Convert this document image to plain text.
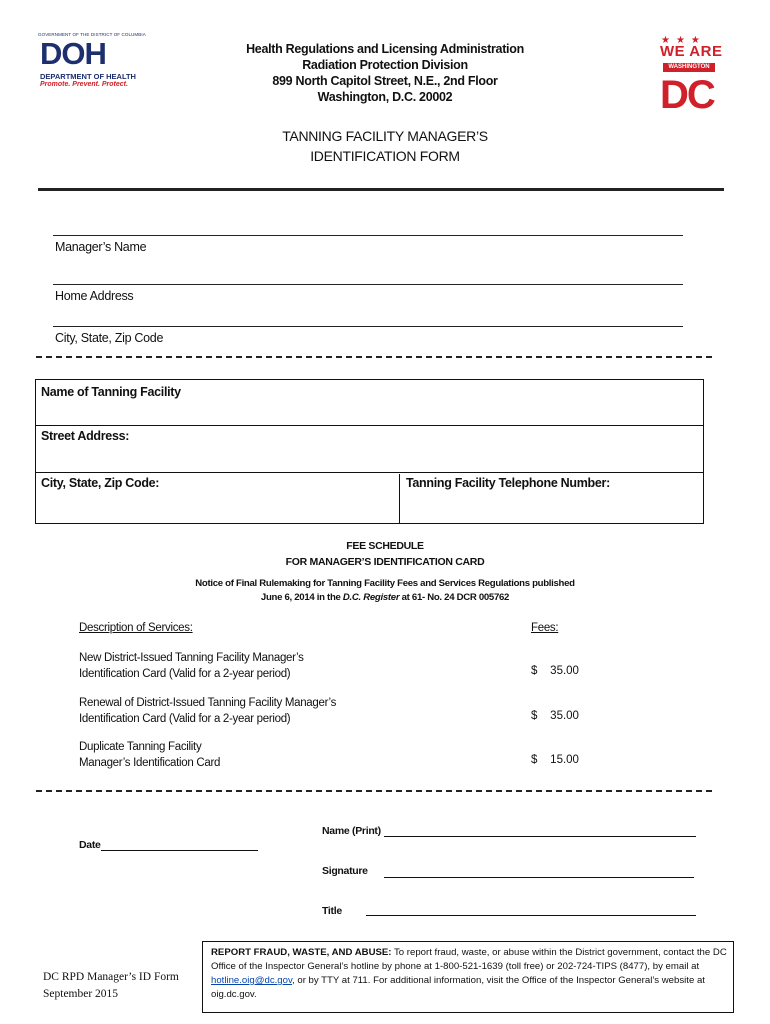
GOVERNMENT OF THE DISTRICT OF COLUMBIA
DOH
DEPARTMENT OF HEALTH
Promote. Prevent. Protect.
★★★
WE ARE
WASHINGTON
DC
Health Regulations and Licensing Administration
Radiation Protection Division
899 North Capitol Street, N.E., 2nd Floor
Washington, D.C. 20002
TANNING FACILITY MANAGER’S
IDENTIFICATION FORM
Manager’s Name
Home Address
City, State, Zip Code
Name of Tanning Facility
Street Address:
City, State, Zip Code:	Tanning Facility Telephone Number:
FEE SCHEDULE
FOR MANAGER’S IDENTIFICATION CARD
Notice of Final Rulemaking for Tanning Facility Fees and Services Regulations published
June 6, 2014 in the D.C. Register at 61- No. 24 DCR 005762
Description of Services:	Fees:
New District-Issued Tanning Facility Manager’s
Identification Card (Valid for a 2-year period)	$    35.00
Renewal of District-Issued Tanning Facility Manager’s
Identification Card (Valid for a 2-year period)	$    35.00
Duplicate Tanning Facility
Manager’s Identification Card	$    15.00
Name (Print)
Date
Signature
Title
REPORT FRAUD, WASTE, AND ABUSE: To report fraud, waste, or abuse within the District government, contact the DC Office of the Inspector General’s hotline by phone at 1-800-521-1639 (toll free) or 202-724-TIPS (8477), by email at hotline.oig@dc.gov, or by TTY at 711. For additional information, visit the Office of the Inspector General’s website at oig.dc.gov.
DC RPD Manager’s ID Form
September 2015
